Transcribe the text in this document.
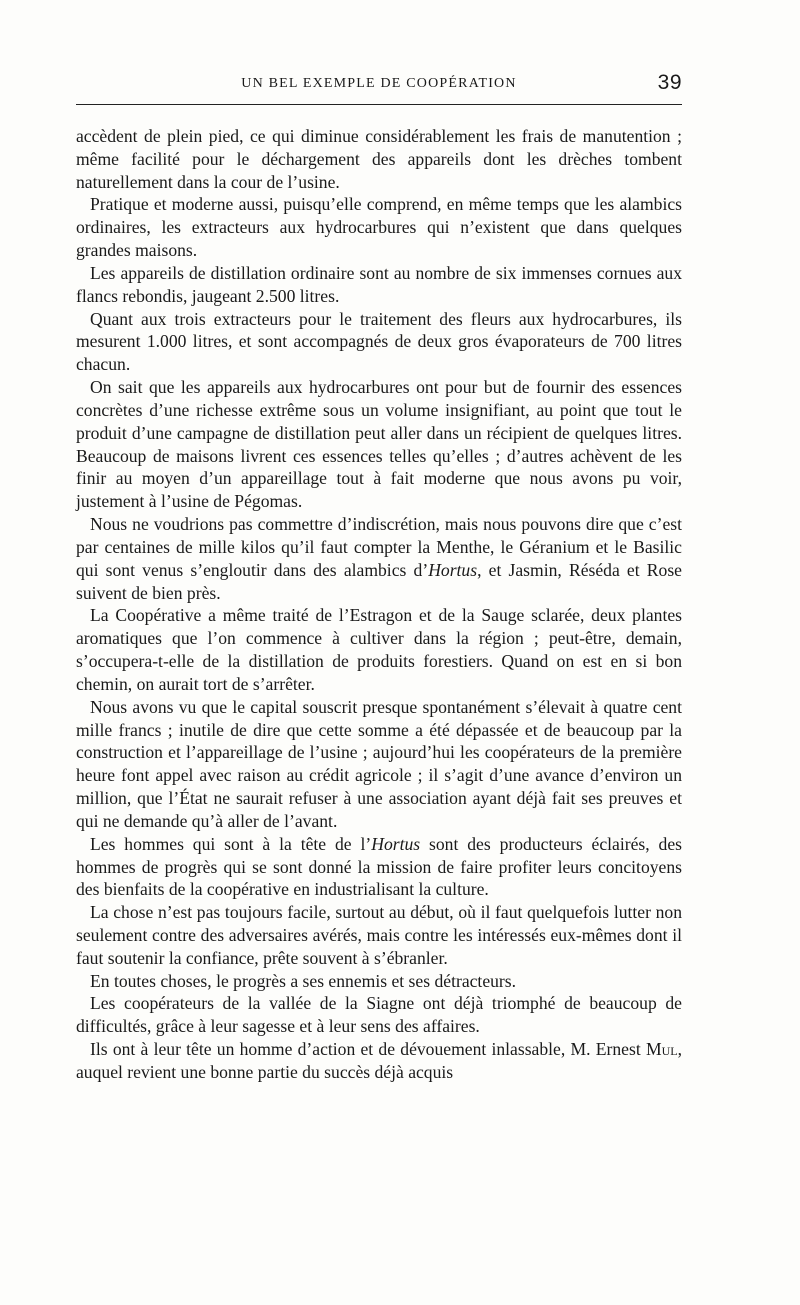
UN BEL EXEMPLE DE COOPÉRATION	39

accèdent de plein pied, ce qui diminue considérablement les frais de manutention ; même facilité pour le déchargement des appareils dont les drèches tombent naturellement dans la cour de l’usine.

Pratique et moderne aussi, puisqu’elle comprend, en même temps que les alambics ordinaires, les extracteurs aux hydrocarbures qui n’existent que dans quelques grandes maisons.

Les appareils de distillation ordinaire sont au nombre de six immenses cornues aux flancs rebondis, jaugeant 2.500 litres.

Quant aux trois extracteurs pour le traitement des fleurs aux hydrocarbures, ils mesurent 1.000 litres, et sont accompagnés de deux gros évaporateurs de 700 litres chacun.

On sait que les appareils aux hydrocarbures ont pour but de fournir des essences concrètes d’une richesse extrême sous un volume insignifiant, au point que tout le produit d’une campagne de distillation peut aller dans un récipient de quelques litres. Beaucoup de maisons livrent ces essences telles qu’elles ; d’autres achèvent de les finir au moyen d’un appareillage tout à fait moderne que nous avons pu voir, justement à l’usine de Pégomas.

Nous ne voudrions pas commettre d’indiscrétion, mais nous pouvons dire que c’est par centaines de mille kilos qu’il faut compter la Menthe, le Géranium et le Basilic qui sont venus s’engloutir dans des alambics d’Hortus, et Jasmin, Réséda et Rose suivent de bien près.

La Coopérative a même traité de l’Estragon et de la Sauge sclarée, deux plantes aromatiques que l’on commence à cultiver dans la région ; peut-être, demain, s’occupera-t-elle de la distillation de produits forestiers. Quand on est en si bon chemin, on aurait tort de s’arrêter.

Nous avons vu que le capital souscrit presque spontanément s’élevait à quatre cent mille francs ; inutile de dire que cette somme a été dépassée et de beaucoup par la construction et l’appareillage de l’usine ; aujourd’hui les coopérateurs de la première heure font appel avec raison au crédit agricole ; il s’agit d’une avance d’environ un million, que l’État ne saurait refuser à une association ayant déjà fait ses preuves et qui ne demande qu’à aller de l’avant.

Les hommes qui sont à la tête de l’Hortus sont des producteurs éclairés, des hommes de progrès qui se sont donné la mission de faire profiter leurs concitoyens des bienfaits de la coopérative en industrialisant la culture.

La chose n’est pas toujours facile, surtout au début, où il faut quelquefois lutter non seulement contre des adversaires avérés, mais contre les intéressés eux-mêmes dont il faut soutenir la confiance, prête souvent à s’ébranler.

En toutes choses, le progrès a ses ennemis et ses détracteurs.

Les coopérateurs de la vallée de la Siagne ont déjà triomphé de beaucoup de difficultés, grâce à leur sagesse et à leur sens des affaires.

Ils ont à leur tête un homme d’action et de dévouement inlassable, M. Ernest Mul, auquel revient une bonne partie du succès déjà acquis
